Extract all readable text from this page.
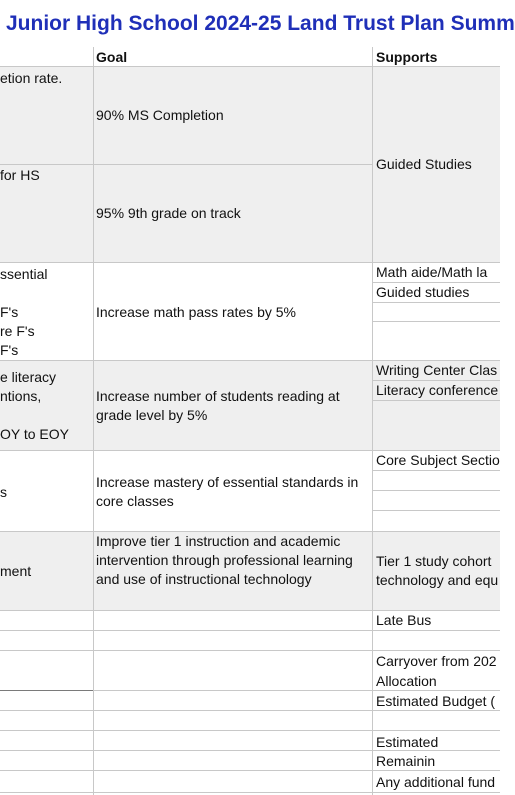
Junior High School 2024-25 Land Trust Plan Summ
Goal	Supports
etion rate.
90% MS Completion
for HS
95% 9th grade on track
Guided Studies
ssential

F's
re F's
F's
Increase math pass rates by 5%
Math aide/Math la
Guided studies
e literacy
ntions,

OY to EOY
Increase number of students reading at grade level by 5%
Writing Center Clas
Literacy conference
s
Increase mastery of essential standards in core classes
Core Subject Sectio
ment
Improve tier 1 instruction and academic intervention through professional learning and use of instructional technology
Tier 1 study cohort technology and equ
Late Bus
Carryover from 202
Allocation
Estimated Budget (
Estimated Remainin
Any additional fund
